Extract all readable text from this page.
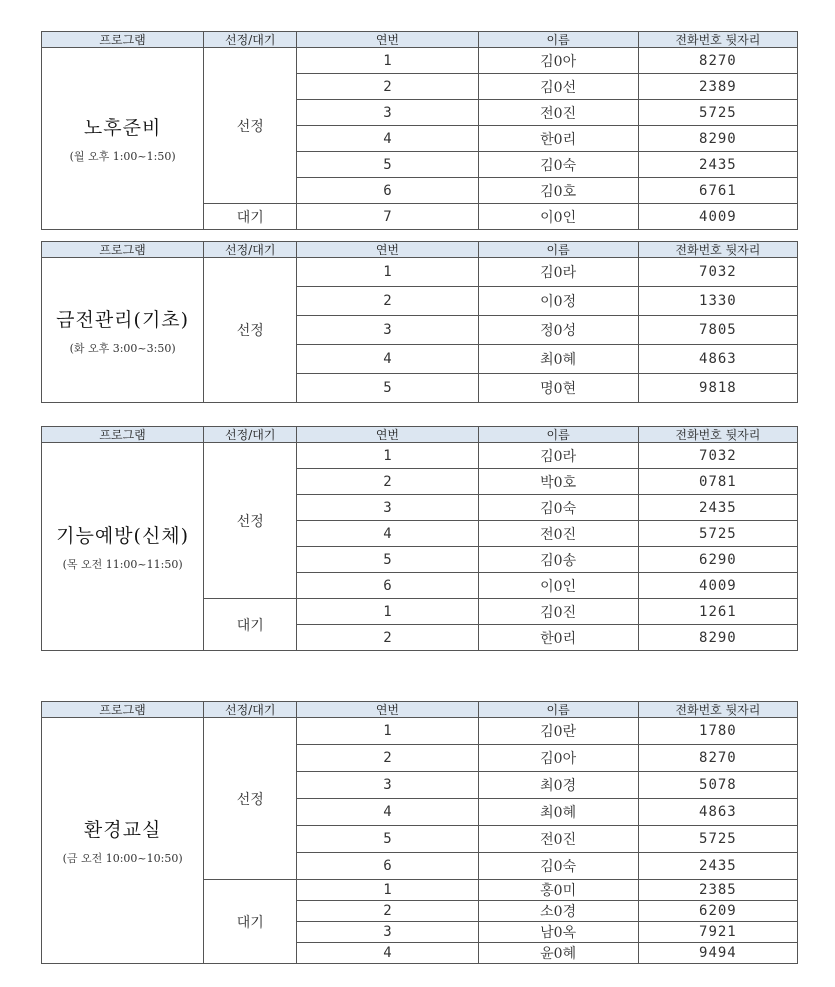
프로그램	선정/대기	연번	이름	전화번호 뒷자리

노후준비
(월 오후 1:00~1:50)	선정	1	김0아	8270
		2	김0선	2389
		3	전0진	5725
		4	한0리	8290
		5	김0숙	2435
		6	김0호	6761
	대기	7	이0인	4009
프로그램	선정/대기	연번	이름	전화번호 뒷자리

금전관리(기초)
(화 오후 3:00~3:50)	선정	1	김0라	7032
		2	이0정	1330
		3	정0성	7805
		4	최0혜	4863
		5	명0현	9818
프로그램	선정/대기	연번	이름	전화번호 뒷자리

기능예방(신체)
(목 오전 11:00~11:50)	선정	1	김0라	7032
		2	박0호	0781
		3	김0숙	2435
		4	전0진	5725
		5	김0송	6290
		6	이0인	4009
	대기	1	김0진	1261
		2	한0리	8290
프로그램	선정/대기	연번	이름	전화번호 뒷자리

환경교실
(금 오전 10:00~10:50)	선정	1	김0란	1780
		2	김0아	8270
		3	최0경	5078
		4	최0혜	4863
		5	전0진	5725
		6	김0숙	2435
	대기	1	홍0미	2385
		2	소0경	6209
		3	남0옥	7921
		4	윤0혜	9494
